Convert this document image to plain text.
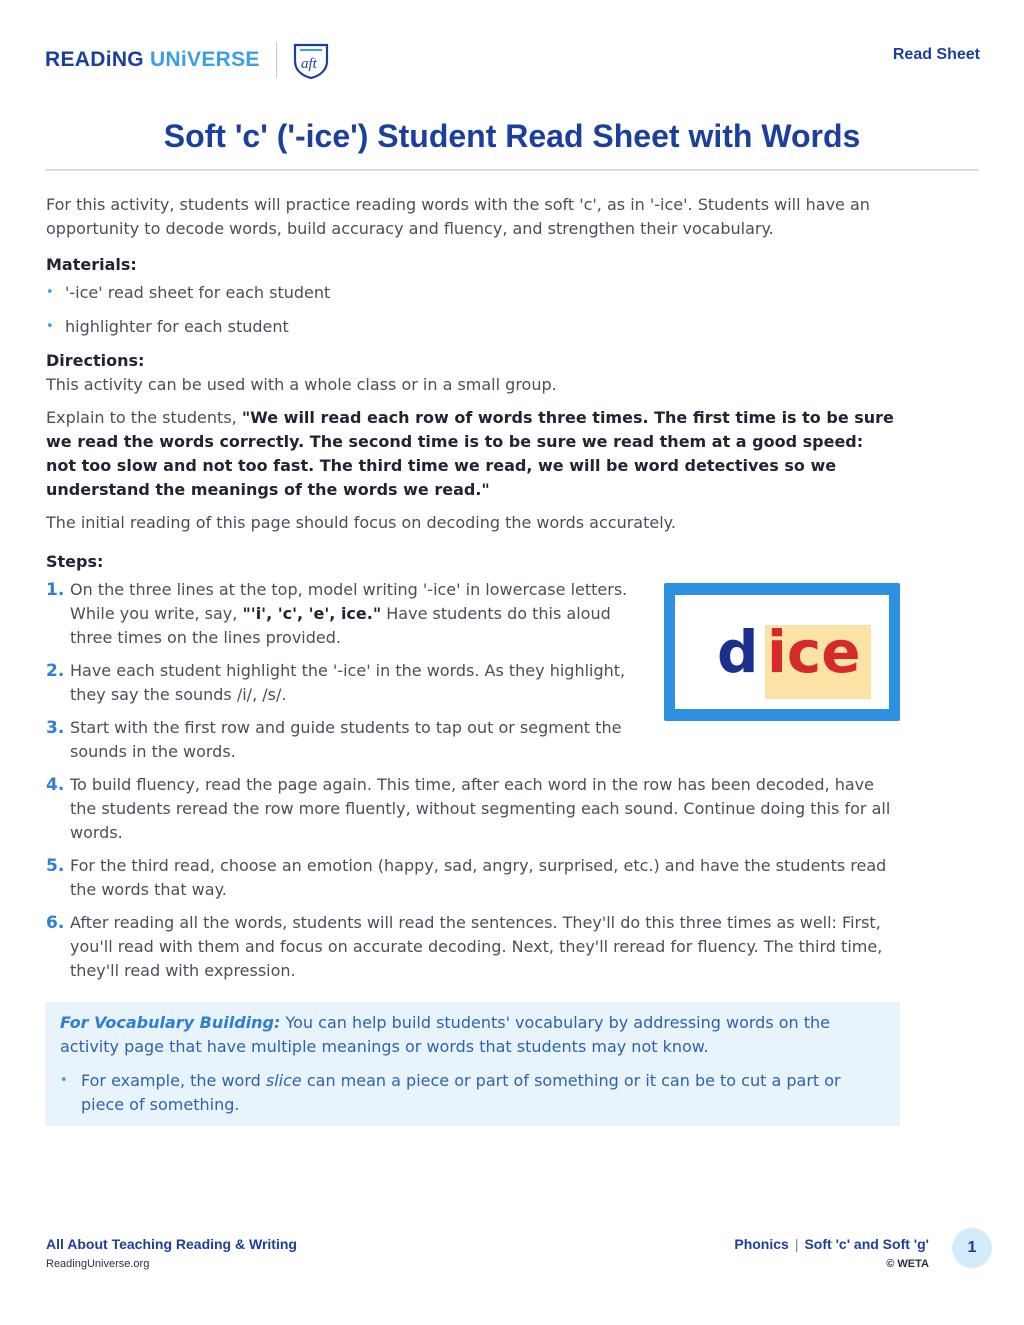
READiNG UNiVERSE	aft
Read Sheet
Soft 'c' ('-ice') Student Read Sheet with Words

For this activity, students will practice reading words with the soft 'c', as in '-ice'. Students will have an opportunity to decode words, build accuracy and fluency, and strengthen their vocabulary.

Materials:

• '-ice' read sheet for each student
• highlighter for each student

Directions:

This activity can be used with a whole class or in a small group.

Explain to the students, "We will read each row of words three times. The first time is to be sure we read the words correctly. The second time is to be sure we read them at a good speed: not too slow and not too fast. The third time we read, we will be word detectives so we understand the meanings of the words we read."

The initial reading of this page should focus on decoding the words accurately.

Steps:

1. On the three lines at the top, model writing '-ice' in lowercase letters. While you write, say, "'i', 'c', 'e', ice." Have students do this aloud three times on the lines provided.
2. Have each student highlight the '-ice' in the words. As they highlight, they say the sounds /i/, /s/.
3. Start with the first row and guide students to tap out or segment the sounds in the words.
4. To build fluency, read the page again. This time, after each word in the row has been decoded, have the students reread the row more fluently, without segmenting each sound. Continue doing this for all words.
5. For the third read, choose an emotion (happy, sad, angry, surprised, etc.) and have the students read the words that way.
6. After reading all the words, students will read the sentences. They'll do this three times as well: First, you'll read with them and focus on accurate decoding. Next, they'll reread for fluency. The third time, they'll read with expression.
d ice

For Vocabulary Building: You can help build students' vocabulary by addressing words on the activity page that have multiple meanings or words that students may not know.

• For example, the word slice can mean a piece or part of something or it can be to cut a part or piece of something.

All About Teaching Reading & Writing
ReadingUniverse.org
Phonics | Soft 'c' and Soft 'g'
© WETA
1
